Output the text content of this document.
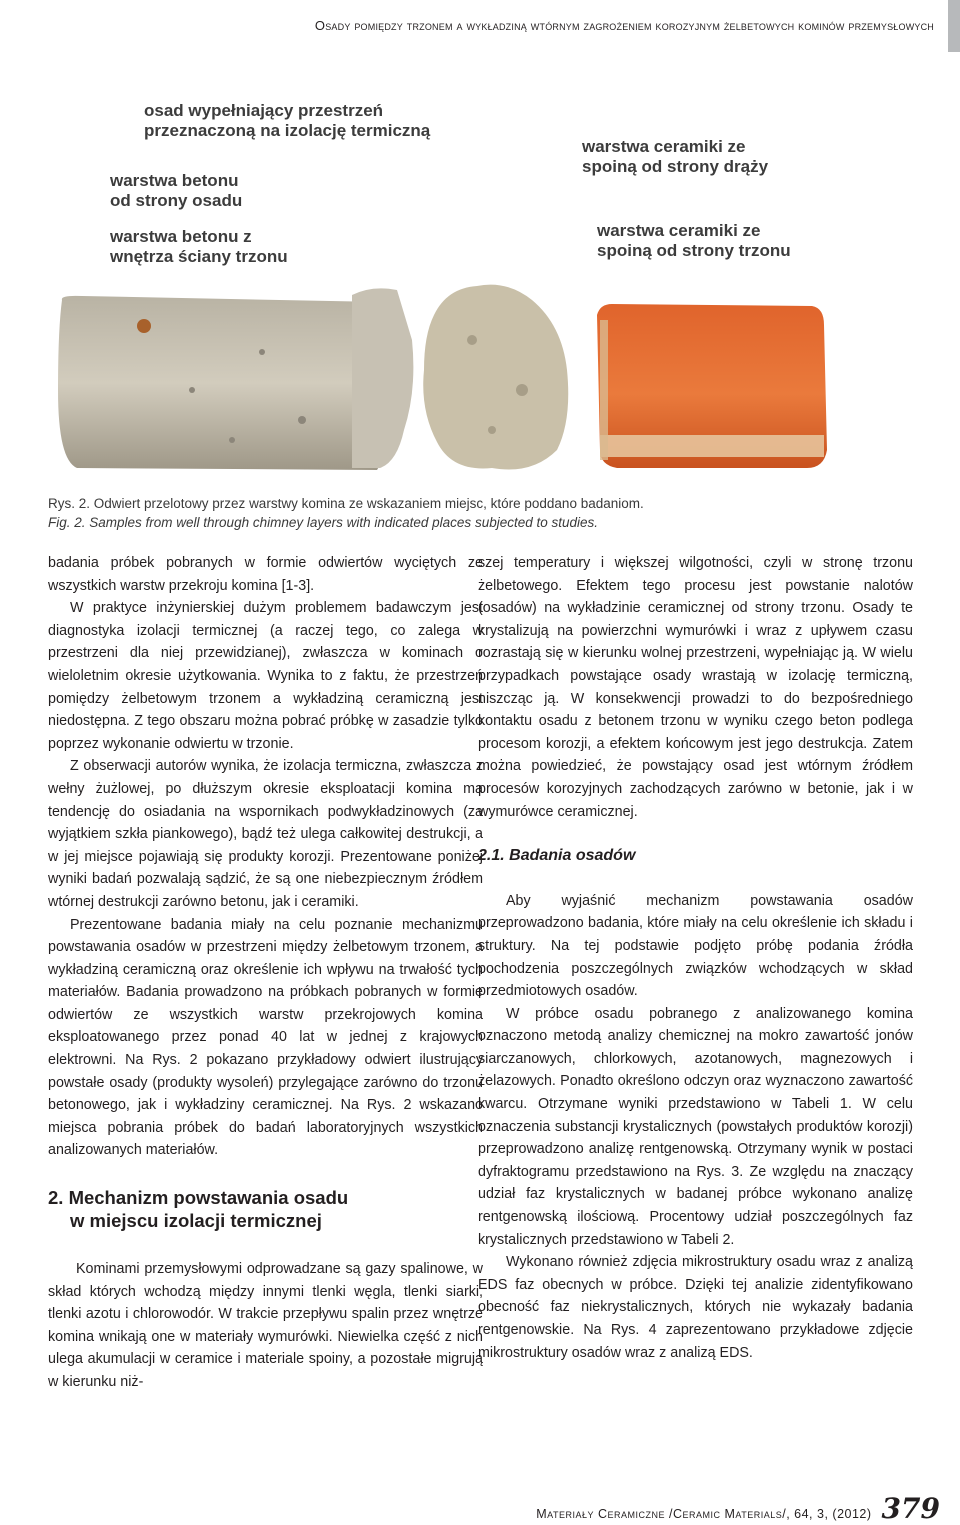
Osady pomiędzy trzonem a wykładziną wtórnym zagrożeniem korozyjnym żelbetowych kominów przemysłowych
osad wypełniający przestrzeń
przeznaczoną na izolację termiczną
warstwa betonu
od strony osadu
warstwa betonu z
wnętrza ściany trzonu
warstwa ceramiki ze
spoiną od strony drąży
warstwa ceramiki ze
spoiną od strony trzonu
Rys. 2. Odwiert przelotowy przez warstwy komina ze wskazaniem miejsc, które poddano badaniom.
Fig. 2. Samples from well through chimney layers with indicated places subjected to studies.

badania próbek pobranych w formie odwiertów wyciętych ze wszystkich warstw przekroju komina [1-3].

W praktyce inżynierskiej dużym problemem badawczym jest diagnostyka izolacji termicznej (a raczej tego, co zalega w przestrzeni dla niej przewidzianej), zwłaszcza w kominach o wieloletnim okresie użytkowania. Wynika to z faktu, że przestrzeń pomiędzy żelbetowym trzonem a wykładziną ceramiczną jest niedostępna. Z tego obszaru można pobrać próbkę w zasadzie tylko poprzez wykonanie odwiertu w trzonie.

Z obserwacji autorów wynika, że izolacja termiczna, zwłaszcza z wełny żużlowej, po dłuższym okresie eksploatacji komina ma tendencję do osiadania na wspornikach podwykładzinowych (za wyjątkiem szkła piankowego), bądź też ulega całkowitej destrukcji, a w jej miejsce pojawiają się produkty korozji. Prezentowane poniżej wyniki badań pozwalają sądzić, że są one niebezpiecznym źródłem wtórnej destrukcji zarówno betonu, jak i ceramiki.

Prezentowane badania miały na celu poznanie mechanizmu powstawania osadów w przestrzeni między żelbetowym trzonem, a wykładziną ceramiczną oraz określenie ich wpływu na trwałość tych materiałów. Badania prowadzono na próbkach pobranych w formie odwiertów ze wszystkich warstw przekrojowych komina eksploatowanego przez ponad 40 lat w jednej z krajowych elektrowni. Na Rys. 2 pokazano przykładowy odwiert ilustrujący powstałe osady (produkty wysoleń) przylegające zarówno do trzonu betonowego, jak i wykładziny ceramicznej. Na Rys. 2 wskazano miejsca pobrania próbek do badań laboratoryjnych wszystkich analizowanych materiałów.

2. Mechanizm powstawania osadu
w miejscu izolacji termicznej

Kominami przemysłowymi odprowadzane są gazy spalinowe, w skład których wchodzą między innymi tlenki węgla, tlenki siarki, tlenki azotu i chlorowodór. W trakcie przepływu spalin przez wnętrze komina wnikają one w materiały wymurówki. Niewielka część z nich ulega akumulacji w ceramice i materiale spoiny, a pozostałe migrują w kierunku niż-

szej temperatury i większej wilgotności, czyli w stronę trzonu żelbetowego. Efektem tego procesu jest powstanie nalotów (osadów) na wykładzinie ceramicznej od strony trzonu. Osady te krystalizują na powierzchni wymurówki i wraz z upływem czasu rozrastają się w kierunku wolnej przestrzeni, wypełniając ją. W wielu przypadkach powstające osady wrastają w izolację termiczną, niszcząc ją. W konsekwencji prowadzi to do bezpośredniego kontaktu osadu z betonem trzonu w wyniku czego beton podlega procesom korozji, a efektem końcowym jest jego destrukcja. Zatem można powiedzieć, że powstający osad jest wtórnym źródłem procesów korozyjnych zachodzących zarówno w betonie, jak i w wymurówce ceramicznej.

2.1. Badania osadów

Aby wyjaśnić mechanizm powstawania osadów przeprowadzono badania, które miały na celu określenie ich składu i struktury. Na tej podstawie podjęto próbę podania źródła pochodzenia poszczególnych związków wchodzących w skład przedmiotowych osadów.

W próbce osadu pobranego z analizowanego komina oznaczono metodą analizy chemicznej na mokro zawartość jonów siarczanowych, chlorkowych, azotanowych, magnezowych i żelazowych. Ponadto określono odczyn oraz wyznaczono zawartość kwarcu. Otrzymane wyniki przedstawiono w Tabeli 1. W celu oznaczenia substancji krystalicznych (powstałych produktów korozji) przeprowadzono analizę rentgenowską. Otrzymany wynik w postaci dyfraktogramu przedstawiono na Rys. 3. Ze względu na znaczący udział faz krystalicznych w badanej próbce wykonano analizę rentgenowską ilościową. Procentowy udział poszczególnych faz krystalicznych przedstawiono w Tabeli 2.

Wykonano również zdjęcia mikrostruktury osadu wraz z analizą EDS faz obecnych w próbce. Dzięki tej analizie zidentyfikowano obecność faz niekrystalicznych, których nie wykazały badania rentgenowskie. Na Rys. 4 zaprezentowano przykładowe zdjęcie mikrostruktury osadów wraz z analizą EDS.

Materiały Ceramiczne /Ceramic Materials/, 64, 3, (2012) 379
